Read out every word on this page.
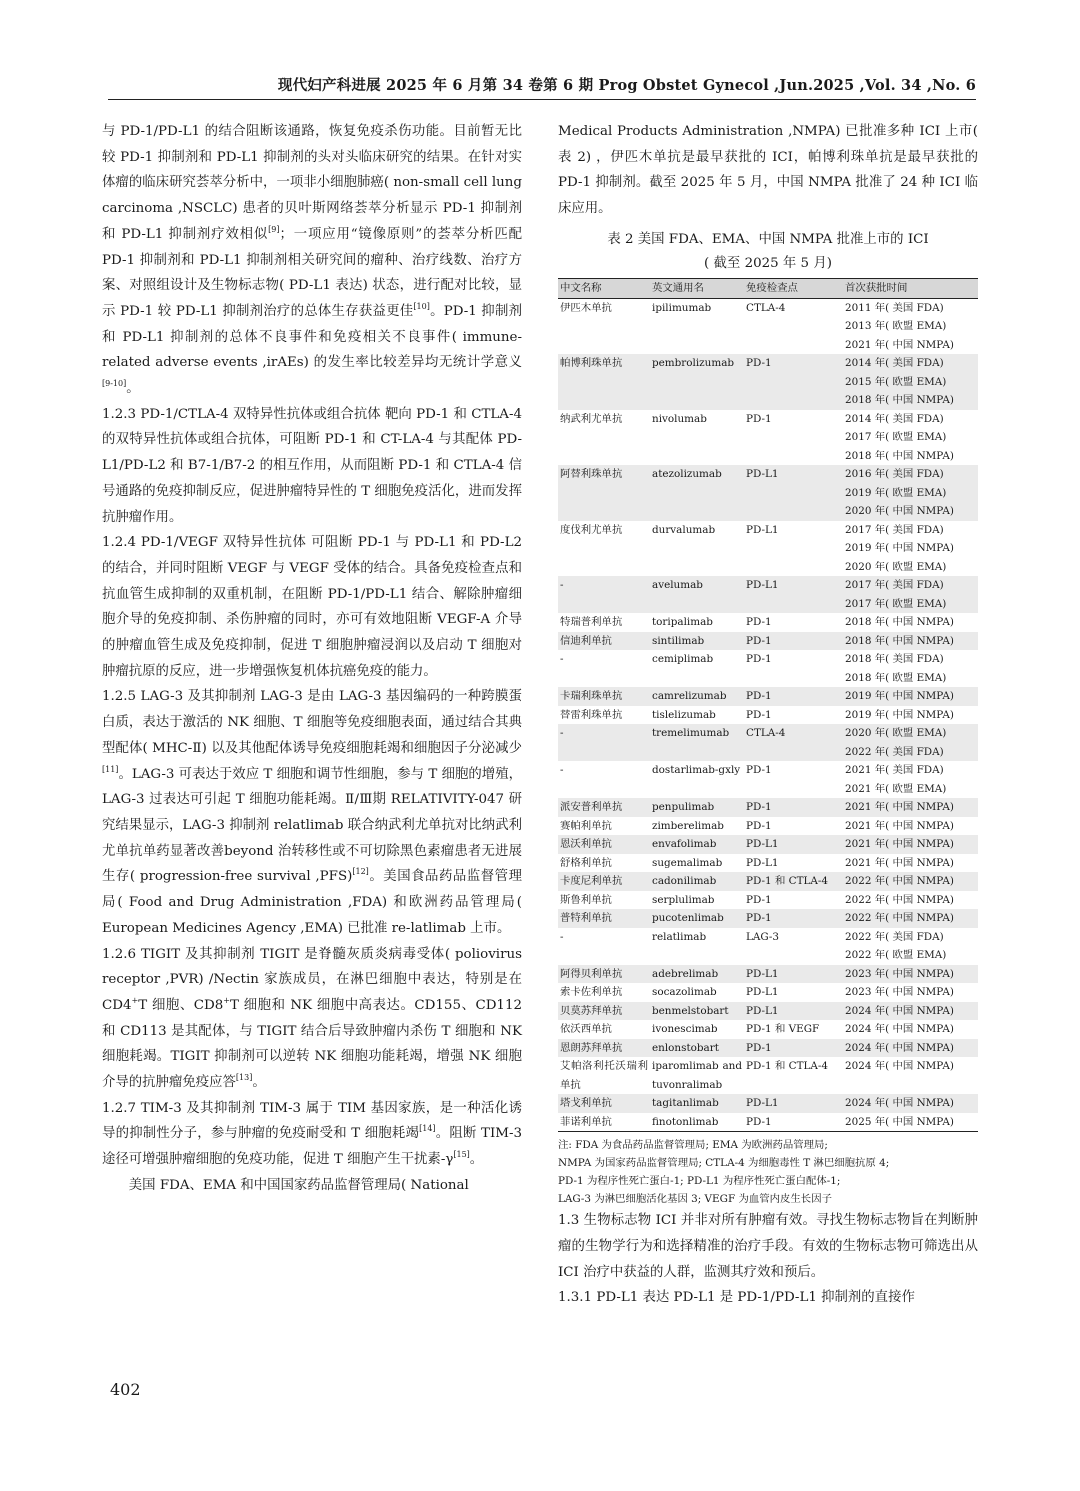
现代妇产科进展 2025 年 6 月第 34 卷第 6 期 Prog Obstet Gynecol ,Jun.2025 ,Vol. 34 ,No. 6

与 PD-1/PD-L1 的结合阻断该通路，恢复免疫杀伤功能。目前暂无比较 PD-1 抑制剂和 PD-L1 抑制剂的头对头临床研究的结果。在针对实体瘤的临床研究荟萃分析中，一项非小细胞肺癌( non-small cell lung carcinoma ,NSCLC) 患者的贝叶斯网络荟萃分析显示 PD-1 抑制剂和 PD-L1 抑制剂疗效相似[9]；一项应用“镜像原则”的荟萃分析匹配 PD-1 抑制剂和 PD-L1 抑制剂相关研究间的瘤种、治疗线数、治疗方案、对照组设计及生物标志物( PD-L1 表达) 状态，进行配对比较，显示 PD-1 较 PD-L1 抑制剂治疗的总体生存获益更佳[10]。PD-1 抑制剂和 PD-L1 抑制剂的总体不良事件和免疫相关不良事件( immune-related adverse events ,irAEs) 的发生率比较差异均无统计学意义[9-10]。

1.2.3 PD-1/CTLA-4 双特异性抗体或组合抗体 靶向 PD-1 和 CTLA-4 的双特异性抗体或组合抗体，可阻断 PD-1 和 CT-LA-4 与其配体 PD-L1/PD-L2 和 B7-1/B7-2 的相互作用，从而阻断 PD-1 和 CTLA-4 信号通路的免疫抑制反应，促进肿瘤特异性的 T 细胞免疫活化，进而发挥抗肿瘤作用。

1.2.4 PD-1/VEGF 双特异性抗体 可阻断 PD-1 与 PD-L1 和 PD-L2 的结合，并同时阻断 VEGF 与 VEGF 受体的结合。具备免疫检查点和抗血管生成抑制的双重机制，在阻断 PD-1/PD-L1 结合、解除肿瘤细胞介导的免疫抑制、杀伤肿瘤的同时，亦可有效地阻断 VEGF-A 介导的肿瘤血管生成及免疫抑制，促进 T 细胞肿瘤浸润以及启动 T 细胞对肿瘤抗原的反应，进一步增强恢复机体抗癌免疫的能力。

1.2.5 LAG-3 及其抑制剂 LAG-3 是由 LAG-3 基因编码的一种跨膜蛋白质，表达于激活的 NK 细胞、T 细胞等免疫细胞表面，通过结合其典型配体( MHC-Ⅱ) 以及其他配体诱导免疫细胞耗竭和细胞因子分泌减少[11]。LAG-3 可表达于效应 T 细胞和调节性细胞，参与 T 细胞的增殖，LAG-3 过表达可引起 T 细胞功能耗竭。Ⅱ/Ⅲ期 RELATIVITY-047 研究结果显示，LAG-3 抑制剂 relatlimab 联合纳武利尤单抗对比纳武利尤单抗单药显著改善beyond 治转移性或不可切除黑色素瘤患者无进展生存( progression-free survival ,PFS)[12]。美国食品药品监督管理局( Food and Drug Administration ,FDA) 和欧洲药品管理局( European Medicines Agency ,EMA) 已批准 re-latlimab 上市。

1.2.6 TIGIT 及其抑制剂 TIGIT 是脊髓灰质炎病毒受体( poliovirus receptor ,PVR) /Nectin 家族成员，在淋巴细胞中表达，特别是在 CD4+T 细胞、CD8+T 细胞和 NK 细胞中高表达。CD155、CD112 和 CD113 是其配体，与 TIGIT 结合后导致肿瘤内杀伤 T 细胞和 NK 细胞耗竭。TIGIT 抑制剂可以逆转 NK 细胞功能耗竭，增强 NK 细胞介导的抗肿瘤免疫应答[13]。

1.2.7 TIM-3 及其抑制剂 TIM-3 属于 TIM 基因家族，是一种活化诱导的抑制性分子，参与肿瘤的免疫耐受和 T 细胞耗竭[14]。阻断 TIM-3 途径可增强肿瘤细胞的免疫功能，促进 T 细胞产生干扰素-γ[15]。

美国 FDA、EMA 和中国国家药品监督管理局( National

Medical Products Administration ,NMPA) 已批准多种 ICI 上市( 表 2) ，伊匹木单抗是最早获批的 ICI，帕博利珠单抗是最早获批的 PD-1 抑制剂。截至 2025 年 5 月，中国 NMPA 批准了 24 种 ICI 临床应用。

表 2 美国 FDA、EMA、中国 NMPA 批准上市的 ICI
( 截至 2025 年 5 月)
中文名称	英文通用名	免疫检查点	首次获批时间
伊匹木单抗	ipilimumab	CTLA-4	2011 年( 美国 FDA)
2013 年( 欧盟 EMA)
2021 年( 中国 NMPA)

帕博利珠单抗	pembrolizumab	PD-1	2014 年( 美国 FDA)
2015 年( 欧盟 EMA)
2018 年( 中国 NMPA)

纳武利尤单抗	nivolumab	PD-1	2014 年( 美国 FDA)
2017 年( 欧盟 EMA)
2018 年( 中国 NMPA)

阿替利珠单抗	atezolizumab	PD-L1	2016 年( 美国 FDA)
2019 年( 欧盟 EMA)
2020 年( 中国 NMPA)

度伐利尤单抗	durvalumab	PD-L1	2017 年( 美国 FDA)
2019 年( 中国 NMPA)
2020 年( 欧盟 EMA)

-	avelumab	PD-L1	2017 年( 美国 FDA)
2017 年( 欧盟 EMA)

特瑞普利单抗	toripalimab	PD-1	2018 年( 中国 NMPA)

信迪利单抗	sintilimab	PD-1	2018 年( 中国 NMPA)

-	cemiplimab	PD-1	2018 年( 美国 FDA)
2018 年( 欧盟 EMA)

卡瑞利珠单抗	camrelizumab	PD-1	2019 年( 中国 NMPA)

替雷利珠单抗	tislelizumab	PD-1	2019 年( 中国 NMPA)

-	tremelimumab	CTLA-4	2020 年( 欧盟 EMA)
2022 年( 美国 FDA)

-	dostarlimab-gxly	PD-1	2021 年( 美国 FDA)
2021 年( 欧盟 EMA)

派安普利单抗	penpulimab	PD-1	2021 年( 中国 NMPA)

赛帕利单抗	zimberelimab	PD-1	2021 年( 中国 NMPA)

恩沃利单抗	envafolimab	PD-L1	2021 年( 中国 NMPA)

舒格利单抗	sugemalimab	PD-L1	2021 年( 中国 NMPA)

卡度尼利单抗	cadonilimab	PD-1 和 CTLA-4	2022 年( 中国 NMPA)

斯鲁利单抗	serplulimab	PD-1	2022 年( 中国 NMPA)

普特利单抗	pucotenlimab	PD-1	2022 年( 中国 NMPA)

-	relatlimab	LAG-3	2022 年( 美国 FDA)
2022 年( 欧盟 EMA)

阿得贝利单抗	adebrelimab	PD-L1	2023 年( 中国 NMPA)

索卡佐利单抗	socazolimab	PD-L1	2023 年( 中国 NMPA)

贝莫苏拜单抗	benmelstobart	PD-L1	2024 年( 中国 NMPA)

依沃西单抗	ivonescimab	PD-1 和 VEGF	2024 年( 中国 NMPA)

恩朗苏拜单抗	enlonstobart	PD-1	2024 年( 中国 NMPA)

艾帕洛利托沃瑞利单抗	iparomlimab and tuvonralimab	PD-1 和 CTLA-4	2024 年( 中国 NMPA)

塔戈利单抗	tagitanlimab	PD-L1	2024 年( 中国 NMPA)

菲诺利单抗	finotonlimab	PD-1	2025 年( 中国 NMPA)
注: FDA 为食品药品监督管理局; EMA 为欧洲药品管理局;
NMPA 为国家药品监督管理局; CTLA-4 为细胞毒性 T 淋巴细胞抗原 4;
PD-1 为程序性死亡蛋白-1; PD-L1 为程序性死亡蛋白配体-1;
LAG-3 为淋巴细胞活化基因 3; VEGF 为血管内皮生长因子

1.3 生物标志物 ICI 并非对所有肿瘤有效。寻找生物标志物旨在判断肿瘤的生物学行为和选择精准的治疗手段。有效的生物标志物可筛选出从 ICI 治疗中获益的人群，监测其疗效和预后。

1.3.1 PD-L1 表达 PD-L1 是 PD-1/PD-L1 抑制剂的直接作

402
